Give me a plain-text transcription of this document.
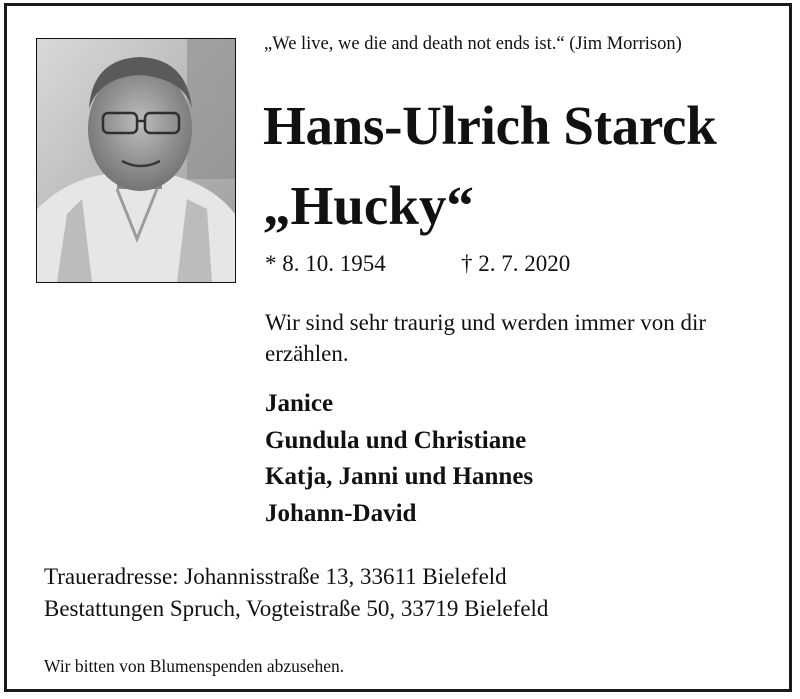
„We live, we die and death not ends ist.“ (Jim Morrison)
Hans-Ulrich Starck
„Hucky“
* 8. 10. 1954	† 2. 7. 2020
Wir sind sehr traurig und werden immer von dir erzählen.
Janice
Gundula und Christiane
Katja, Janni und Hannes
Johann-David
Traueradresse: Johannisstraße 13, 33611 Bielefeld
Bestattungen Spruch, Vogteistraße 50, 33719 Bielefeld
Wir bitten von Blumenspenden abzusehen.
